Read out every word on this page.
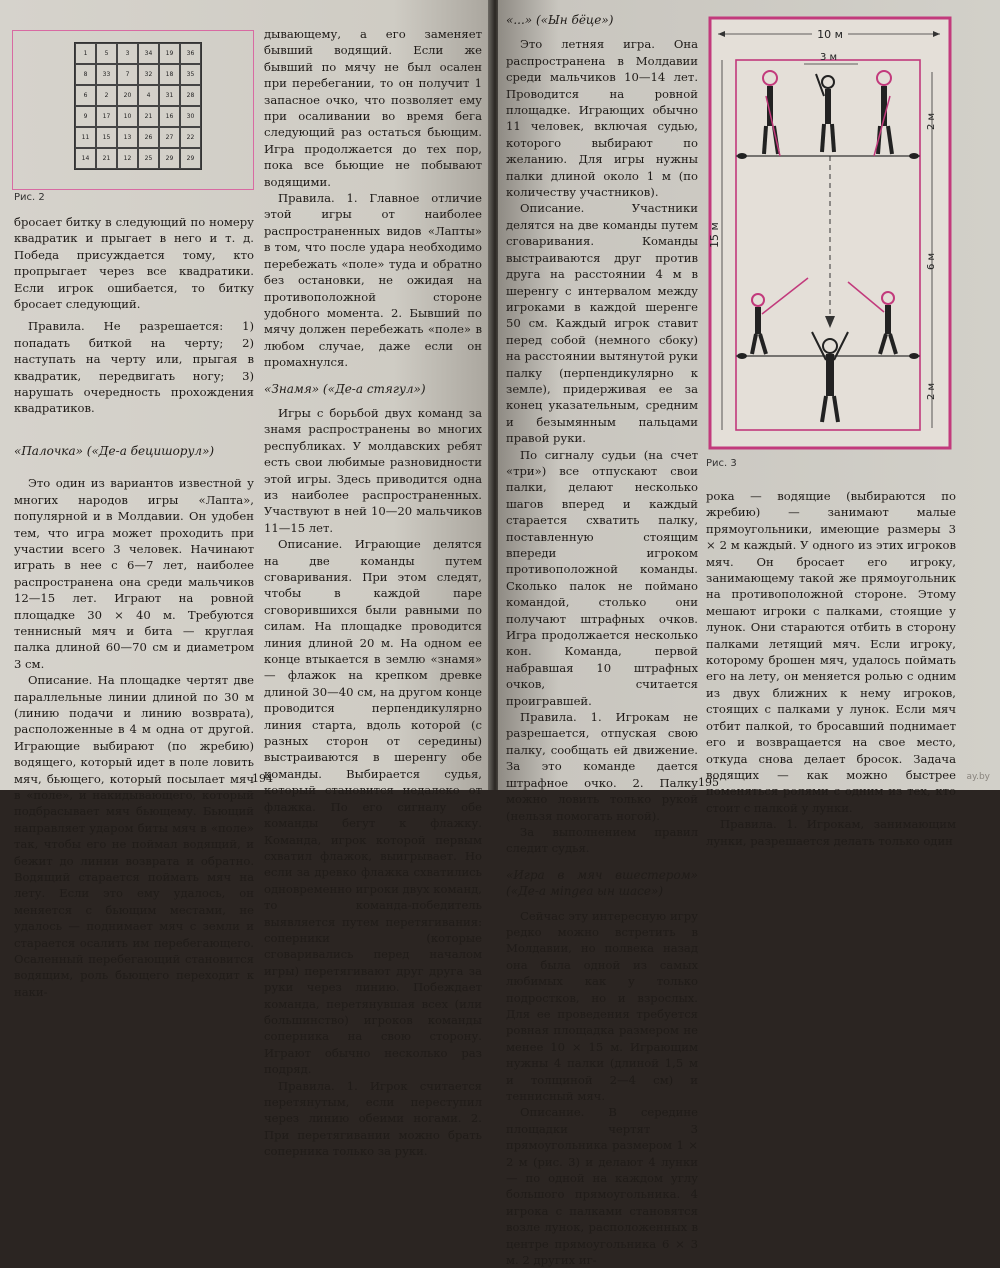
1	5	3	34	19	36
8	33	7	32	18	35
6	2	20	4	31	28
9	17	10	21	16	30
11	15	13	26	27	22
14	21	12	25	29	29
Рис. 2

бросает битку в следующий по номеру квадратик и прыгает в него и т. д. Победа присуждается тому, кто пропрыгает через все квадратики. Если игрок ошибается, то битку бросает следующий.

Правила. Не разрешается: 1) попадать биткой на черту; 2) наступать на черту или, прыгая в квадратик, передвигать ногу; 3) нарушать очередность прохождения квадратиков.

«Палочка» («Де-а бецишорул»)

Это один из вариантов известной у многих народов игры «Лапта», популярной и в Молдавии. Он удобен тем, что игра может проходить при участии всего 3 человек. Начинают играть в нее с 6—7 лет, наиболее распространена она среди мальчиков 12—15 лет. Играют на ровной площадке 30 × 40 м. Требуются теннисный мяч и бита — круглая палка длиной 60—70 см и диаметром 3 см.

Описание. На площадке чертят две параллельные линии длиной по 30 м (линию подачи и линию возврата), расположенные в 4 м одна от другой. Играющие выбирают (по жребию) водящего, который идет в поле ловить мяч, бьющего, который посылает мяч в «поле», и накидывающего, который подбрасывает мяч бьющему. Бьющий направляет ударом биты мяч в «поле» так, чтобы его не поймал водящий, и бежит до линии возврата и обратно. Водящий старается поймать мяч на лету. Если это ему удалось, он меняется с бьющим местами, не удалось — поднимает мяч с земли и старается осалить им перебегающего. Осаленный перебегающий становится водящим, роль бьющего переходит к наки-

дывающему, а его заменяет бывший водящий. Если же бывший по мячу не был осален при перебегании, то он получит 1 запасное очко, что позволяет ему при осаливании во время бега следующий раз остаться бьющим. Игра продолжается до тех пор, пока все бьющие не побывают водящими.

Правила. 1. Главное отличие этой игры от наиболее распространенных видов «Лапты» в том, что после удара необходимо перебежать «поле» туда и обратно без остановки, не ожидая на противоположной стороне удобного момента. 2. Бывший по мячу должен перебежать «поле» в любом случае, даже если он промахнулся.

«Знамя» («Де-а стягул»)

Игры с борьбой двух команд за знамя распространены во многих республиках. У молдавских ребят есть свои любимые разновидности этой игры. Здесь приводится одна из наиболее распространенных. Участвуют в ней 10—20 мальчиков 11—15 лет.

Описание. Играющие делятся на две команды путем сговаривания. При этом следят, чтобы в каждой паре сговорившихся были равными по силам. На площадке проводится линия длиной 20 м. На одном ее конце втыкается в землю «знамя» — флажок на крепком древке длиной 30—40 см, на другом конце проводится перпендикулярно линия старта, вдоль которой (с разных сторон от середины) выстраиваются в шеренгу обе команды. Выбирается судья, который становится недалеко от флажка. По его сигналу обе команды бегут к флажку. Команда, игрок которой первым схватил флажок, выигрывает. Но если за древко флажка схватились одновременно игроки двух команд, то команда-победитель выявляется путем перетягивания: соперники (которые сговаривались перед началом игры) перетягивают друг друга за руки через линию. Побеждает команда, перетянувшая всех (или большинство) игроков команды соперника на свою сторону. Играют обычно несколько раз подряд.

Правила. 1. Игрок считается перетянутым, если переступил через линию обеими ногами. 2. При перетягивании можно брать соперника только за руки.

194

«...» («Ын бёце»)

Это летняя игра. Она распространена в Молдавии среди мальчиков 10—14 лет. Проводится на ровной площадке. Играющих обычно 11 человек, включая судью, которого выбирают по желанию. Для игры нужны палки длиной около 1 м (по количеству участников).

Описание. Участники делятся на две команды путем сговаривания. Команды выстраиваются друг против друга на расстоянии 4 м в шеренгу с интервалом между игроками в каждой шеренге 50 см. Каждый игрок ставит перед собой (немного сбоку) на расстоянии вытянутой руки палку (перпендикулярно к земле), придерживая ее за конец указательным, средним и безымянным пальцами правой руки.

По сигналу судьи (на счет «три») все отпускают свои палки, делают несколько шагов вперед и каждый старается схватить палку, поставленную стоящим впереди игроком противоположной команды. Сколько палок не поймано командой, столько они получают штрафных очков. Игра продолжается несколько кон. Команда, первой набравшая 10 штрафных очков, считается проигравшей.

Правила. 1. Игрокам не разрешается, отпуская свою палку, сообщать ей движение. За это команде дается штрафное очко. 2. Палку можно ловить только рукой (нельзя помогать ногой).

За выполнением правил следит судья.

«Игра в мяч вшестером» («Де-а мingea ын шасе»)

Сейчас эту интересную игру редко можно встретить в Молдавии, но полвека назад она была одной из самых любимых как у только подростков, но и взрослых. Для ее проведения требуется ровная площадка размером не менее 10 × 15 м. Играющим нужны 4 палки (длиной 1,5 м и толщиной 2—4 см) и теннисный мяч.

Описание. В середине площадки чертят 3 прямоугольника размером 1 × 2 м (рис. 3) и делают 4 лунки — по одной на каждом углу большого прямоугольника. 4 игрока с палками становятся возле лунок, расположенных в центре прямоугольника 6 × 3 м. 2 других иг-

рока — водящие (выбираются по жребию) — занимают малые прямоугольники, имеющие размеры 3 × 2 м каждый. У одного из этих игроков мяч. Он бросает его игроку, занимающему такой же прямоугольник на противоположной стороне. Этому мешают игроки с палками, стоящие у лунок. Они стараются отбить в сторону палками летящий мяч. Если игроку, которому брошен мяч, удалось поймать его на лету, он меняется ролью с одним из двух ближних к нему игроков, стоящих с палками у лунок. Если мяч отбит палкой, то бросавший поднимает его и возвращается на свое место, откуда снова делает бросок. Задача водящих — как можно быстрее поменяться ролями с одним из тех, кто стоит с палкой у лунки.

Правила. 1. Игрокам, занимающим лунки, разрешается делать только один

Рис. 3
195	ay.by
10 м
3 м
15 м
2 м
6 м
2 м
